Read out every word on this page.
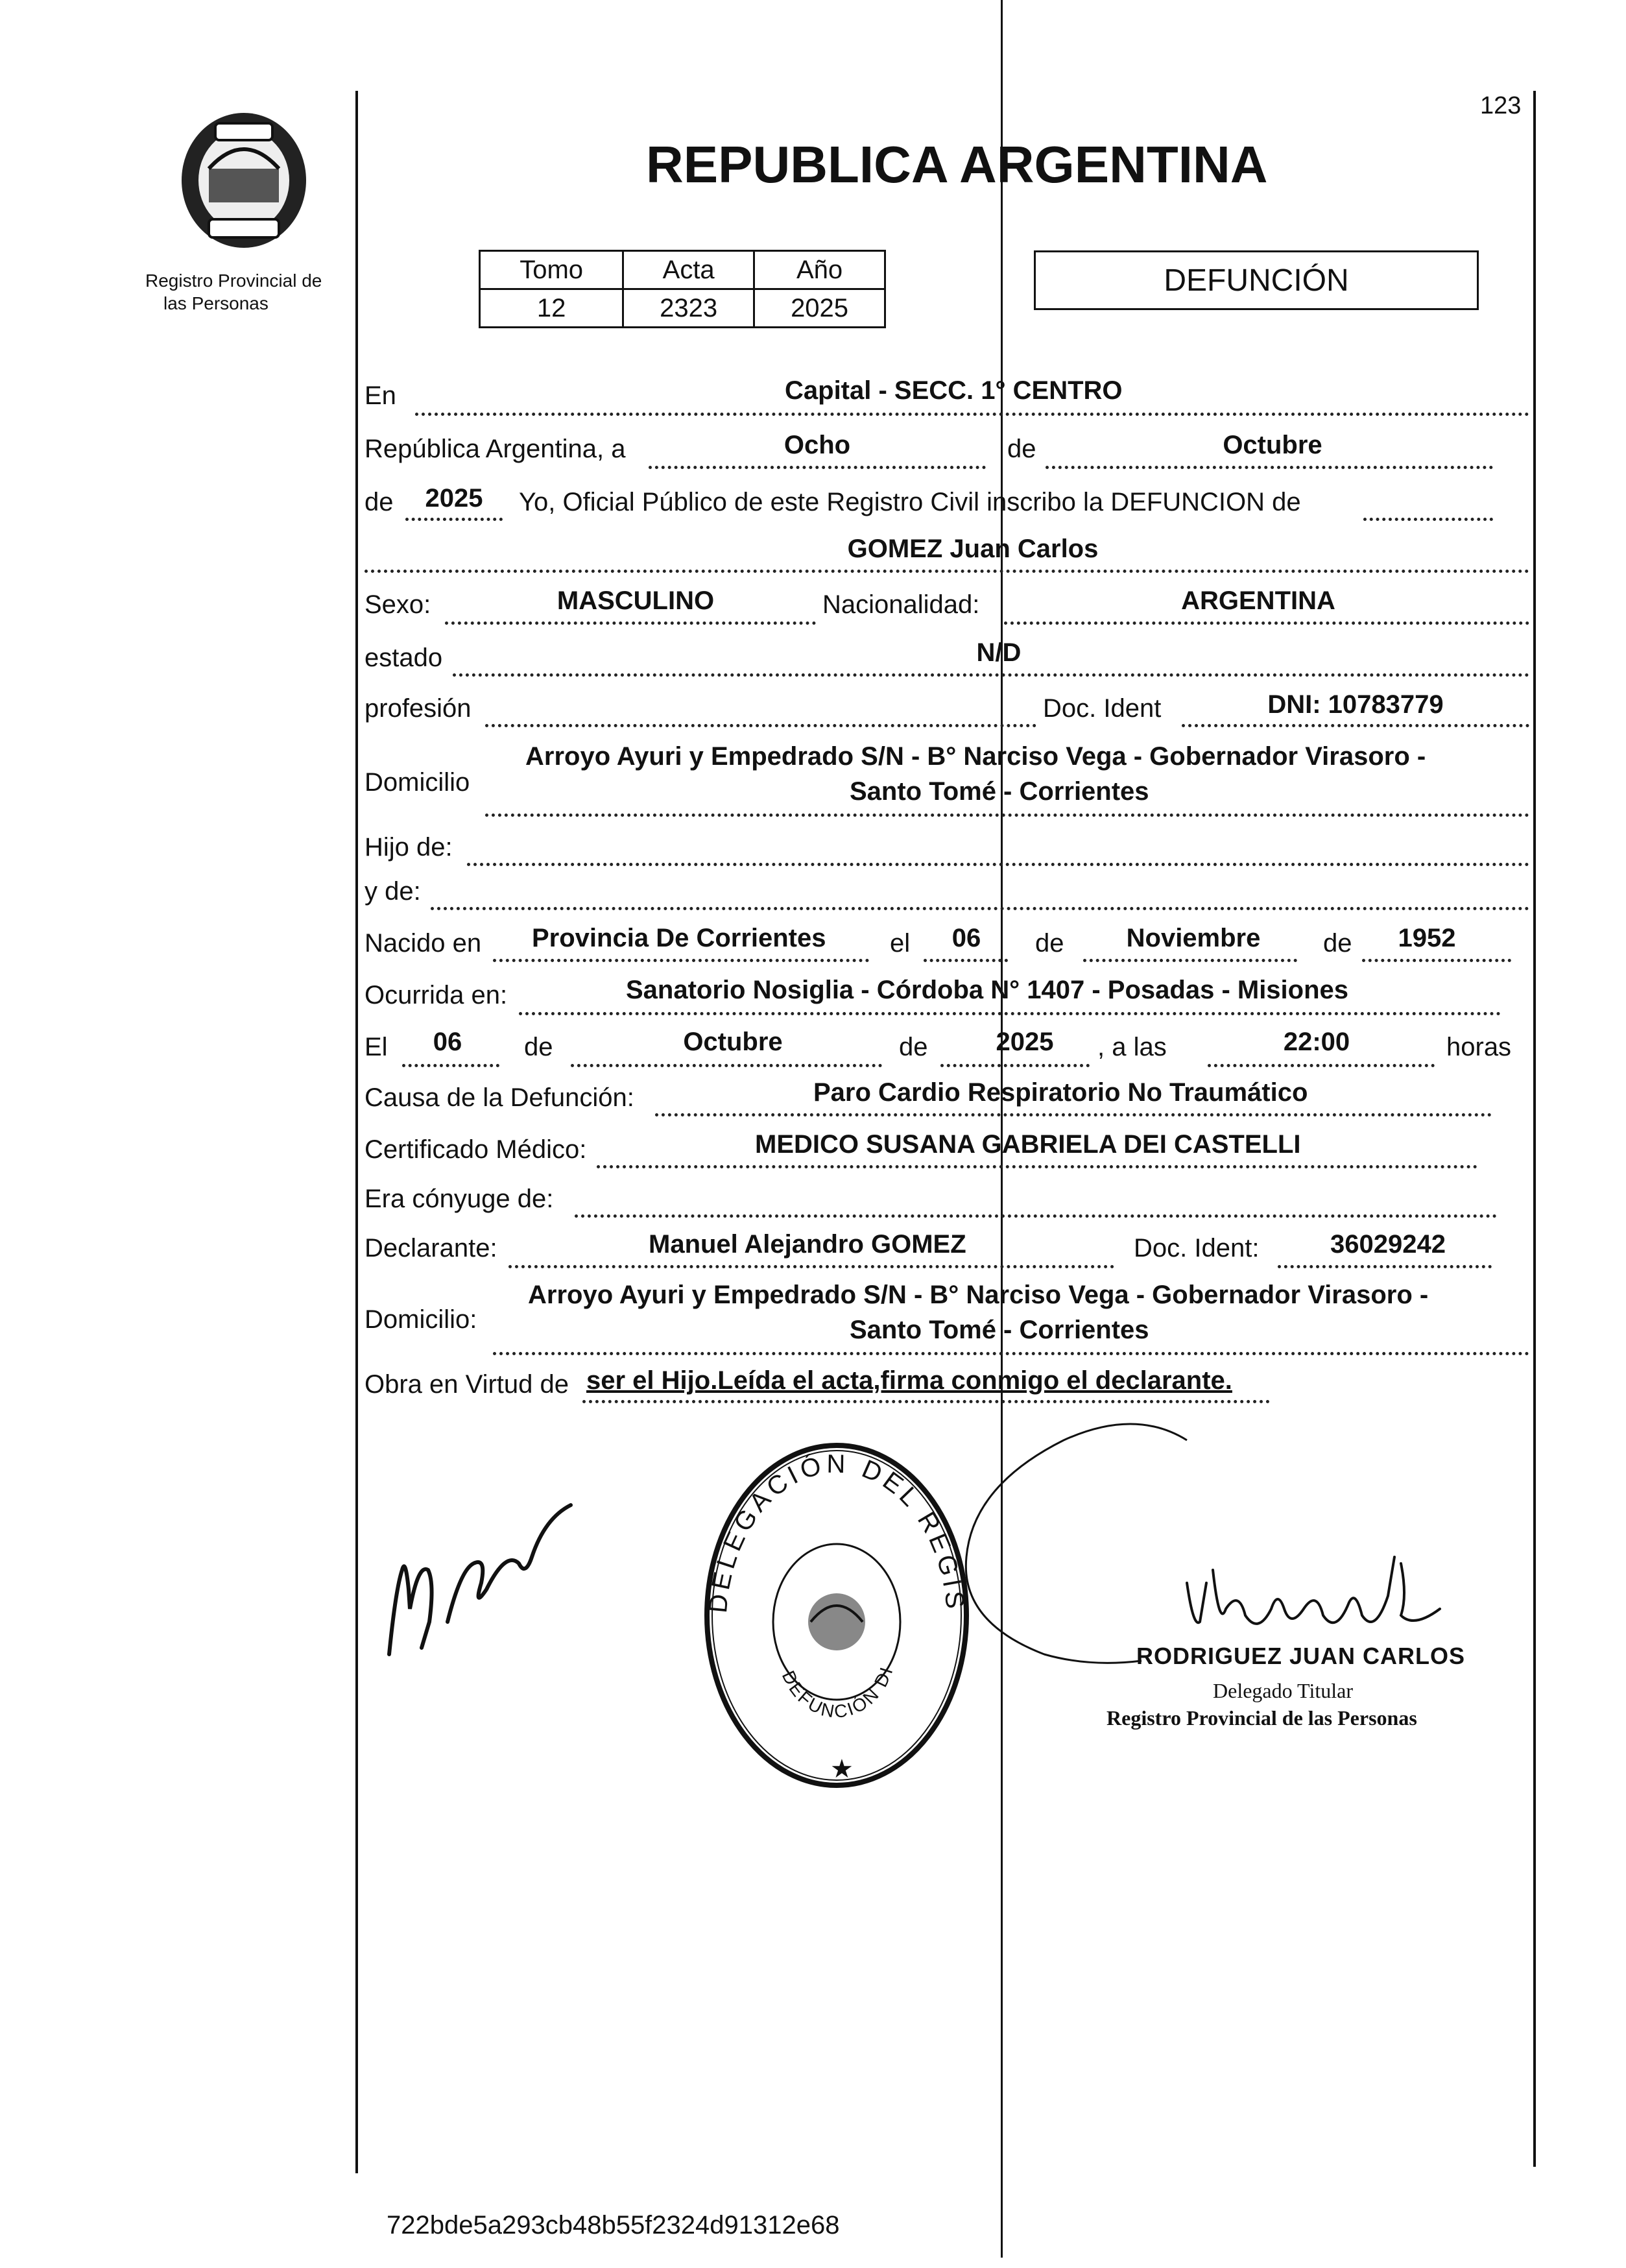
123
Registro Provincial de
las Personas
REPUBLICA ARGENTINA
Tomo	Acta	Año
12	2323	2025
DEFUNCIÓN
En	Capital - SECC. 1° CENTRO
República Argentina, a	Ocho	de	Octubre
de	2025	Yo, Oficial Público de este Registro Civil inscribo la DEFUNCION de
GOMEZ Juan Carlos
Sexo:	MASCULINO	Nacionalidad:	ARGENTINA
estado	N/D
profesión	Doc. Ident	DNI: 10783779
Domicilio
Arroyo Ayuri y Empedrado S/N - B° Narciso Vega - Gobernador Virasoro -
Santo Tomé - Corrientes
Hijo de:
y de:
Nacido en Provincia De Corrientes el	06	de	Noviembre	de	1952
Ocurrida en:	Sanatorio Nosiglia - Córdoba N° 1407 - Posadas - Misiones
El	06	de	Octubre	de	2025	, a las	22:00	horas
Causa de la Defunción:	Paro Cardio Respiratorio No Traumático
Certificado Médico:	MEDICO SUSANA GABRIELA DEI CASTELLI
Era cónyuge de:
Declarante:	Manuel Alejandro GOMEZ	Doc. Ident:	36029242
Domicilio:
Arroyo Ayuri y Empedrado S/N - B° Narciso Vega - Gobernador Virasoro -
Santo Tomé - Corrientes
Obra en Virtud de ser el Hijo.Leída el acta,firma conmigo el declarante.
DELEGACIÓN DEL REGIS
DEFUNCIÓN DI
★
RODRIGUEZ JUAN CARLOS
Delegado Titular
Registro Provincial de las Personas
722bde5a293cb48b55f2324d91312e68
